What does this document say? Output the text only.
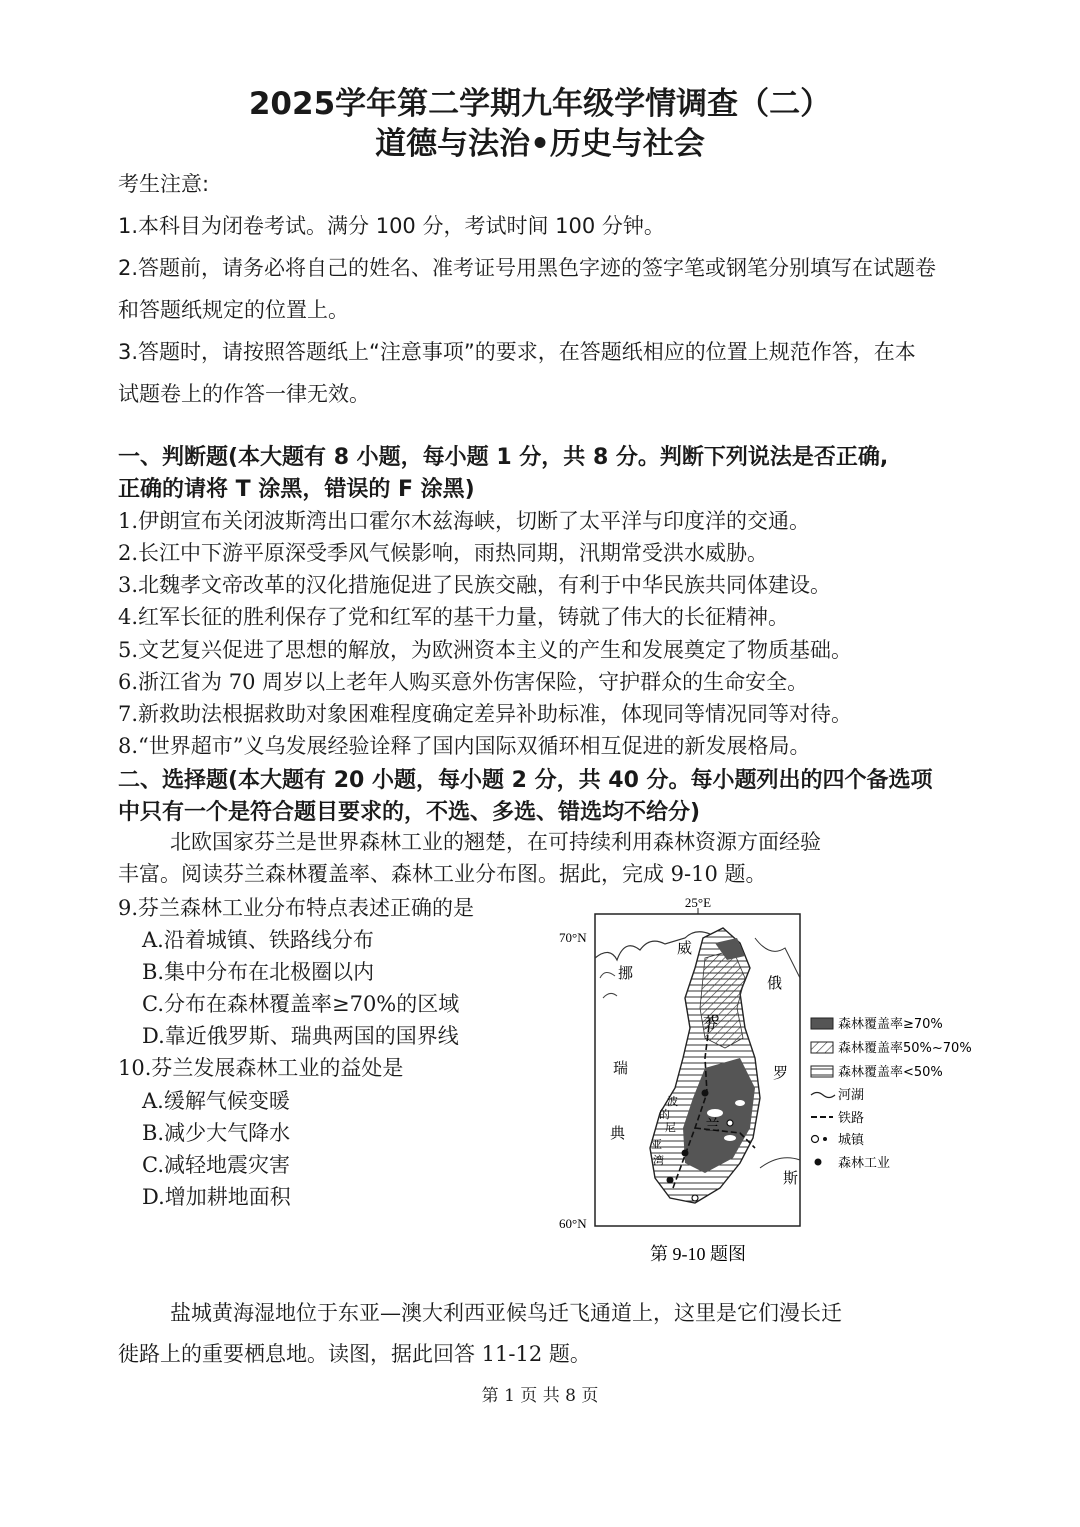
2025学年第二学期九年级学情调查（二）
道德与法治•历史与社会
考生注意:
1.本科目为闭卷考试。满分 100 分，考试时间 100 分钟。
2.答题前，请务必将自己的姓名、准考证号用黑色字迹的签字笔或钢笔分别填写在试题卷
和答题纸规定的位置上。
3.答题时，请按照答题纸上“注意事项”的要求，在答题纸相应的位置上规范作答，在本
试题卷上的作答一律无效。
一、判断题(本大题有 8 小题，每小题 1 分，共 8 分。判断下列说法是否正确,
正确的请将 T 涂黑，错误的 F 涂黑)
1.伊朗宣布关闭波斯湾出口霍尔木兹海峡，切断了太平洋与印度洋的交通。
2.长江中下游平原深受季风气候影响，雨热同期，汛期常受洪水威胁。
3.北魏孝文帝改革的汉化措施促进了民族交融，有利于中华民族共同体建设。
4.红军长征的胜利保存了党和红军的基干力量，铸就了伟大的长征精神。
5.文艺复兴促进了思想的解放，为欧洲资本主义的产生和发展奠定了物质基础。
6.浙江省为 70 周岁以上老年人购买意外伤害保险，守护群众的生命安全。
7.新救助法根据救助对象困难程度确定差异补助标准，体现同等情况同等对待。
8.“世界超市”义乌发展经验诠释了国内国际双循环相互促进的新发展格局。
二、选择题(本大题有 20 小题，每小题 2 分，共 40 分。每小题列出的四个备选项
中只有一个是符合题目要求的，不选、多选、错选均不给分)
北欧国家芬兰是世界森林工业的翘楚，在可持续利用森林资源方面经验
丰富。阅读芬兰森林覆盖率、森林工业分布图。据此，完成 9-10 题。
9.芬兰森林工业分布特点表述正确的是
A.沿着城镇、铁路线分布
B.集中分布在北极圈以内
C.分布在森林覆盖率≥70%的区域
D.靠近俄罗斯、瑞典两国的国界线
10.芬兰发展森林工业的益处是
A.缓解气候变暖
B.减少大气降水
C.减轻地震灾害
D.增加耕地面积
25°E
70°N
60°N
威
挪
俄
罗
斯
芬
兰
瑞
典
波
的
尼
亚
湾
森林覆盖率≥70%
森林覆盖率50%~70%
森林覆盖率<50%
河湖
铁路
城镇
森林工业
第 9-10 题图
盐城黄海湿地位于东亚—澳大利西亚候鸟迁飞通道上，这里是它们漫长迁
徙路上的重要栖息地。读图，据此回答 11-12 题。
第 1 页 共 8 页
